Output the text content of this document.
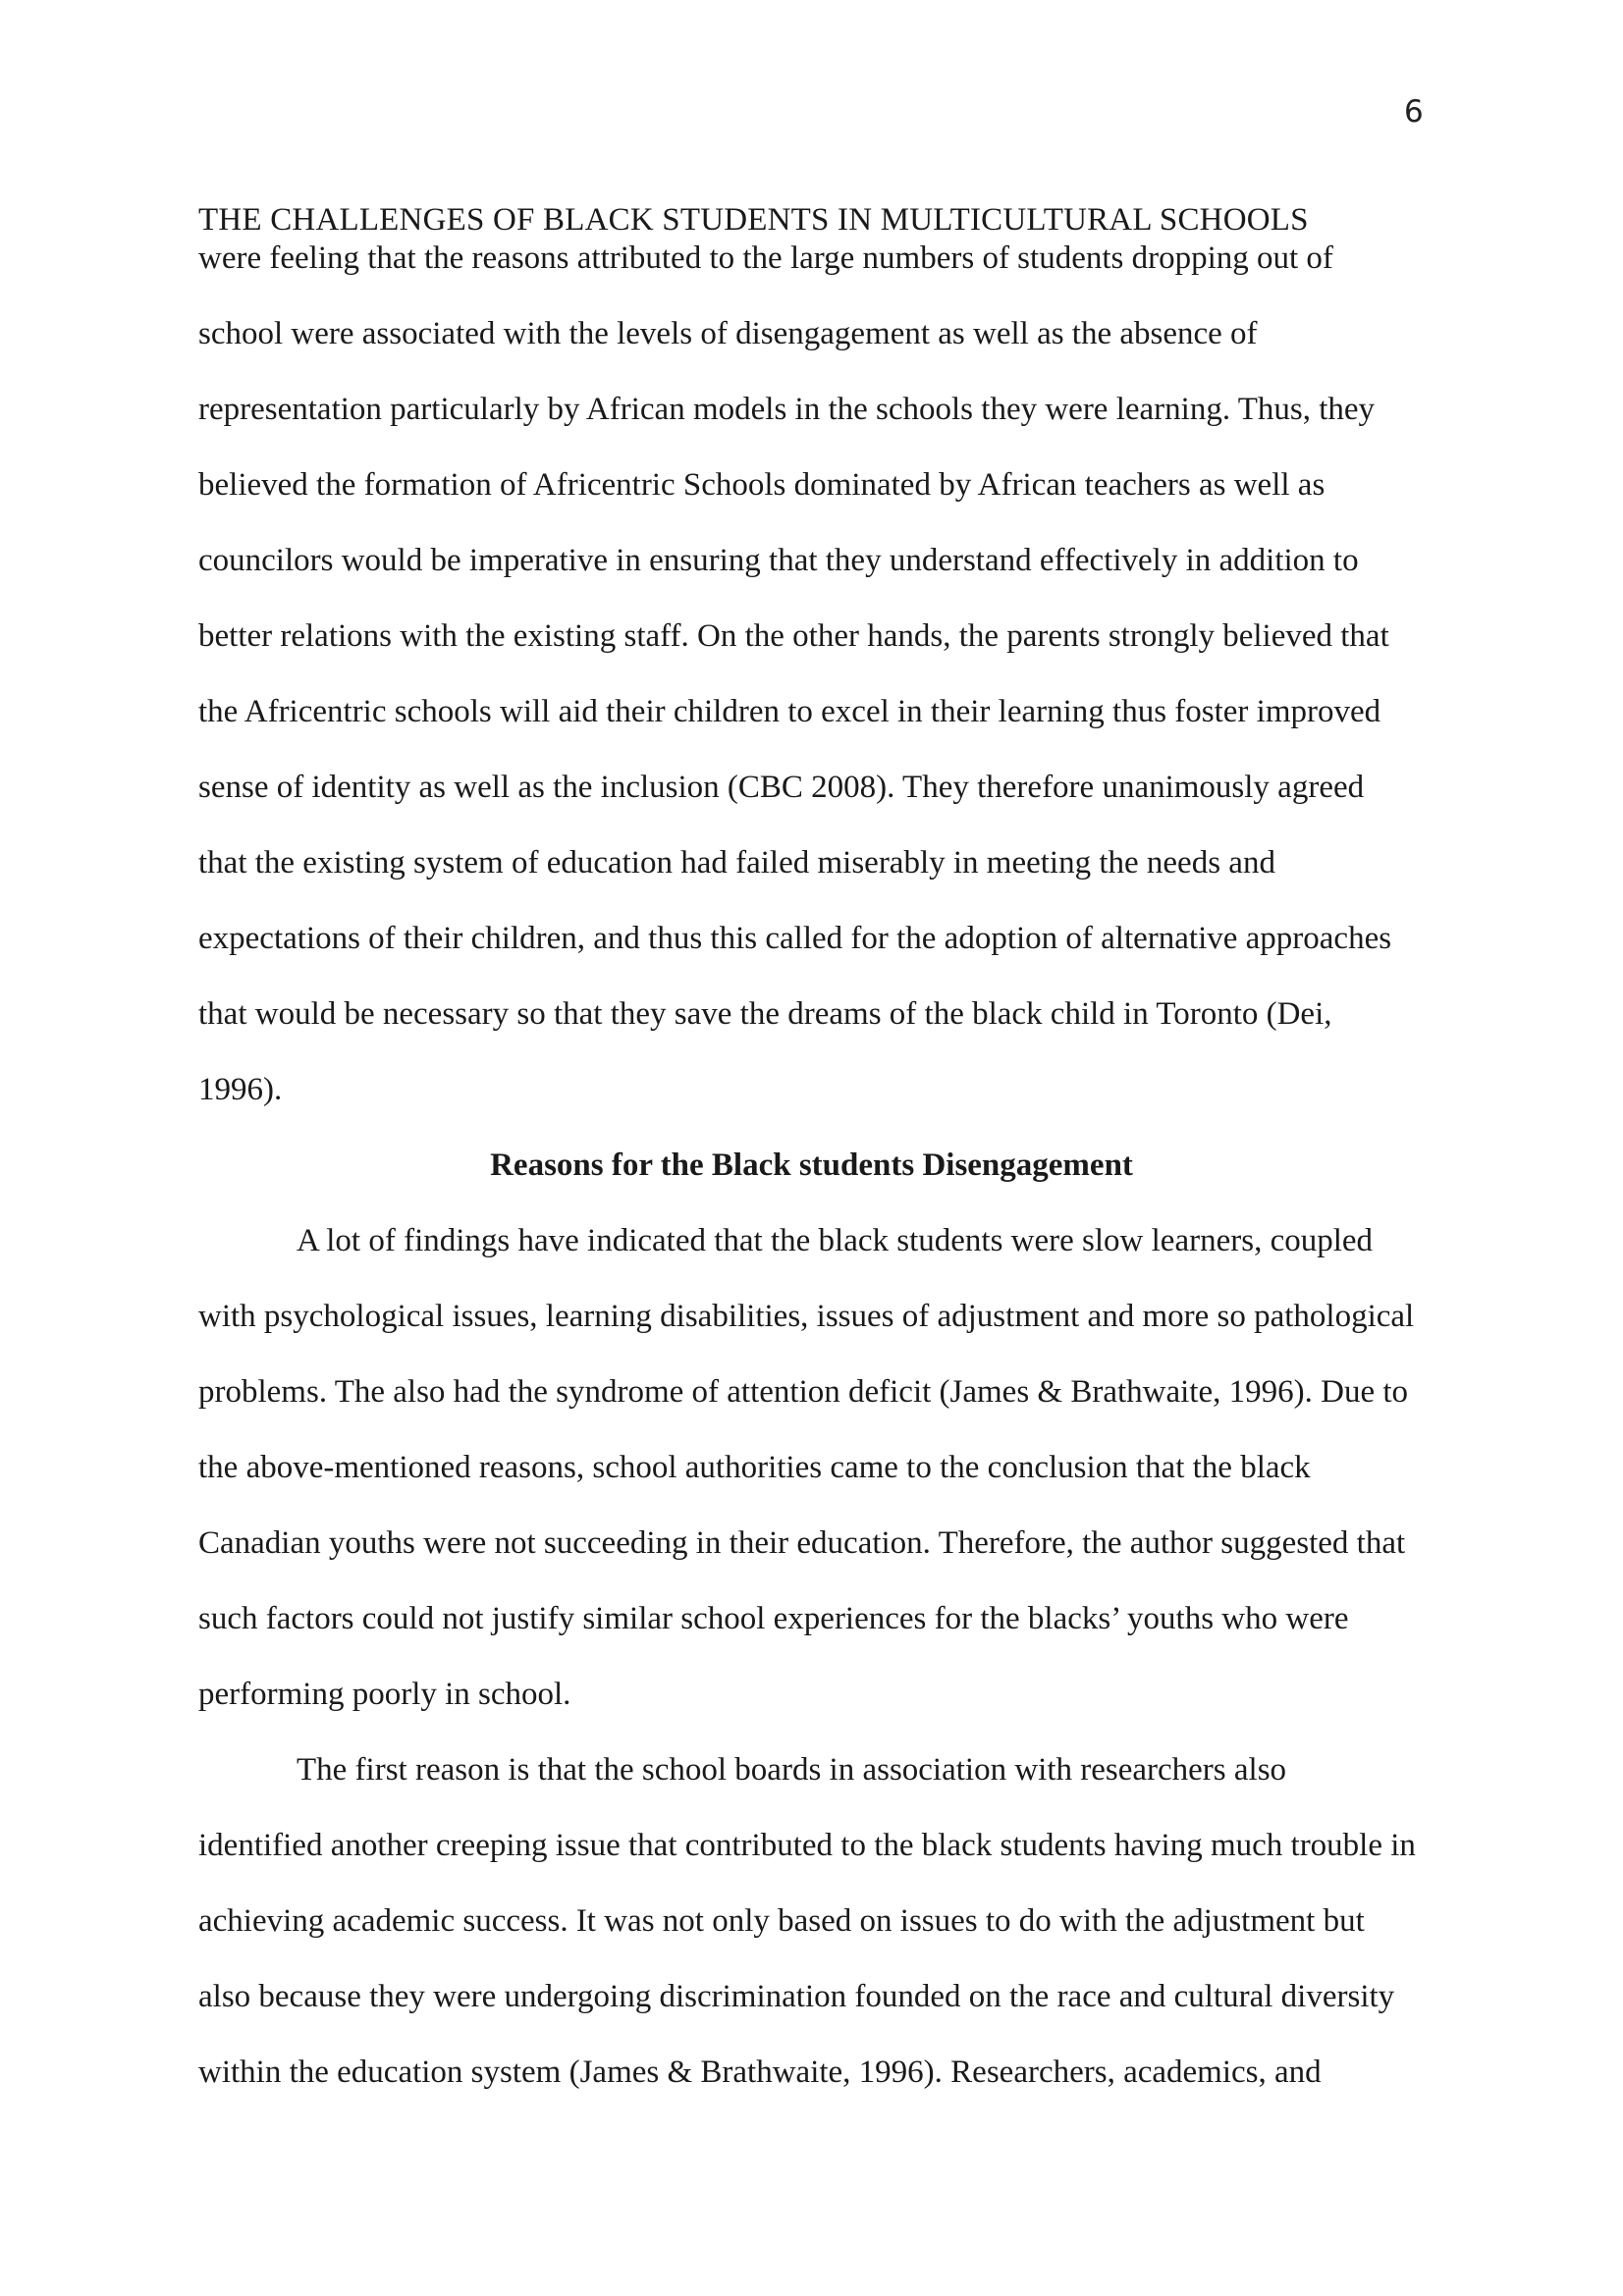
6
THE CHALLENGES OF BLACK STUDENTS IN MULTICULTURAL SCHOOLS
were feeling that the reasons attributed to the large numbers of students dropping out of
school were associated with the levels of disengagement as well as the absence of
representation particularly by African models in the schools they were learning. Thus, they
believed the formation of Africentric Schools dominated by African teachers as well as
councilors would be imperative in ensuring that they understand effectively in addition to
better relations with the existing staff. On the other hands, the parents strongly believed that
the Africentric schools will aid their children to excel in their learning thus foster improved
sense of identity as well as the inclusion (CBC 2008). They therefore unanimously agreed
that the existing system of education had failed miserably in meeting the needs and
expectations of their children, and thus this called for the adoption of alternative approaches
that would be necessary so that they save the dreams of the black child in Toronto (Dei,
1996).
Reasons for the Black students Disengagement
A lot of findings have indicated that the black students were slow learners, coupled
with psychological issues, learning disabilities, issues of adjustment and more so pathological
problems. The also had the syndrome of attention deficit (James & Brathwaite, 1996). Due to
the above-mentioned reasons, school authorities came to the conclusion that the black
Canadian youths were not succeeding in their education. Therefore, the author suggested that
such factors could not justify similar school experiences for the blacks’ youths who were
performing poorly in school.
The first reason is that the school boards in association with researchers also
identified another creeping issue that contributed to the black students having much trouble in
achieving academic success. It was not only based on issues to do with the adjustment but
also because they were undergoing discrimination founded on the race and cultural diversity
within the education system (James & Brathwaite, 1996). Researchers, academics, and
